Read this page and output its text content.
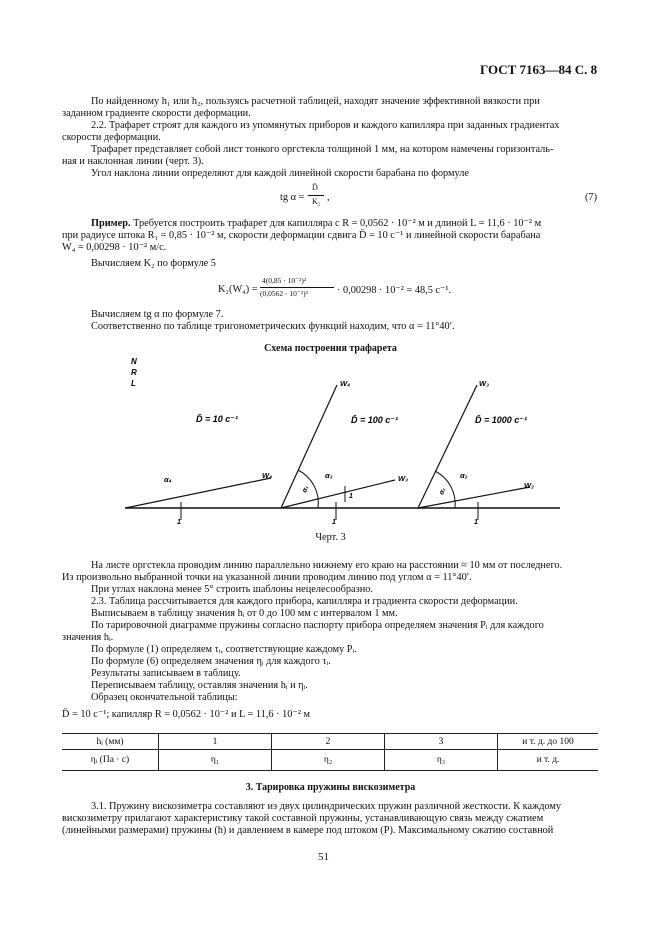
ГОСТ 7163—84 С. 8
По найденному h₁ или h₂, пользуясь расчетной таблицей, находят значение эффективной вязкости при
заданном градиенте скорости деформации.
2.2. Трафарет строят для каждого из упомянутых приборов и каждого капилляра при заданных градиентах
скорости деформации.
Трафарет представляет собой лист тонкого оргстекла толщиной 1 мм, на котором намечены горизонталь-
ная и наклонная линии (черт. 3).
Угол наклона линии определяют для каждой линейной скорости барабана по формуле
tg α =
D̄
K₂ ,	(7)
Пример. Требуется построить трафарет для капилляра с R = 0,0562 · 10⁻² м и длиной L = 11,6 · 10⁻² м
при радиусе штока R₁ = 0,85 · 10⁻² м, скорости деформации сдвига D̄ = 10 с⁻¹ и линейной скорости барабана
W₄ = 0,00298 · 10⁻² м/с.
Вычисляем K₂ по формуле 5
K₂(W₄) =
4(0,85 · 10⁻²)²
(0,0562 · 10⁻²)³	· 0,00298 · 10⁻² = 48,5 с⁻¹.
Вычисляем tg α по формуле 7.
Соответственно по таблице тригонометрических функций находим, что α = 11°40′.
Схема построения трафарета
N
R
L
1	1	1
1
W₄	W₃
W₄	W₃
W₂
D̄ = 10 с⁻¹	D̄ = 100 с⁻¹	D̄ = 1000 с⁻¹
α₄	α₃	α₂
α₁	α₁
Черт. 3
На листе оргстекла проводим линию параллельно нижнему его краю на расстоянии ≈ 10 мм от последнего.
Из произвольно выбранной точки на указанной линии проводим линию под углом α = 11°40′.
При углах наклона менее 5° строить шаблоны нецелесообразно.
2.3. Таблица рассчитывается для каждого прибора, капилляра и градиента скорости деформации.
Выписываем в таблицу значения hᵢ от 0 до 100 мм с интервалом 1 мм.
По тарировочной диаграмме пружины согласно паспорту прибора определяем значения Pᵢ для каждого
значения hᵢ.
По формуле (1) определяем τᵢ, соответствующие каждому Pᵢ.
По формуле (6) определяем значения ηᵢ для каждого τᵢ.
Результаты записываем в таблицу.
Переписываем таблицу, оставляя значения hᵢ и ηᵢ.
Образец окончательной таблицы:
D̄ = 10 с⁻¹; капилляр R = 0,0562 · 10⁻² и L = 11,6 · 10⁻² м
hᵢ (мм)	1	2	3	и т. д. до 100
ηᵢ (Па · с)	η₁	η₂	η₃	и т. д.
3. Тарировка пружины вискозиметра
3.1. Пружину вискозиметра составляют из двух цилиндрических пружин различной жесткости. К каждому
вискозиметру прилагают характеристику такой составной пружины, устанавливающую связь между сжатием
(линейными размерами) пружины (h) и давлением в камере под штоком (P). Максимальному сжатию составной
51
